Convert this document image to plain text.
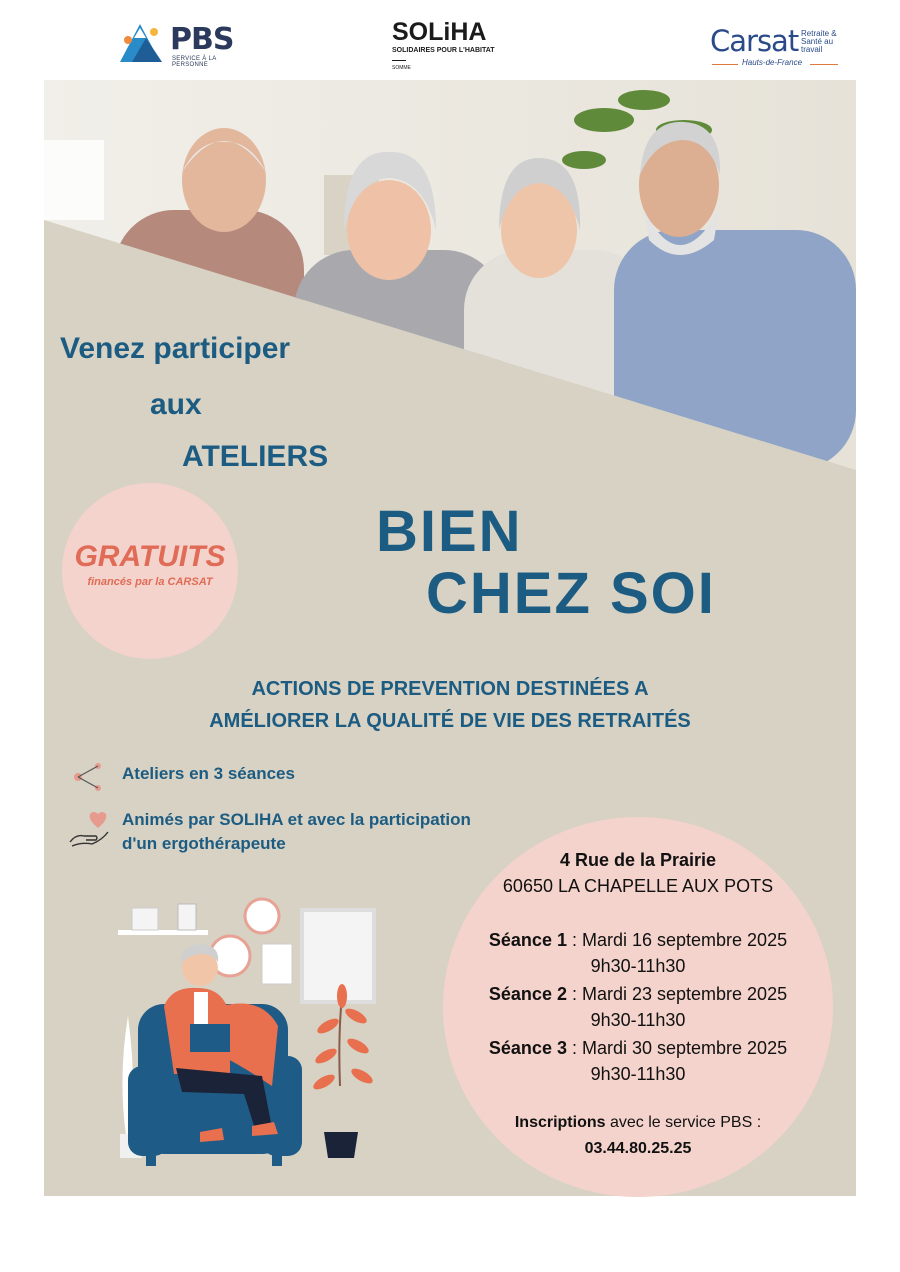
PBS
SERVICE À LA PERSONNE
SOLiHA
SOLIDAIRES POUR L'HABITAT
SOMME
Carsat Retraite & Santé au travail
Hauts-de-France
Venez participer
aux
ATELIERS
BIEN
CHEZ SOI
GRATUITS
financés par la CARSAT
ACTIONS DE PREVENTION DESTINÉES A
AMÉLIORER LA QUALITÉ DE VIE DES RETRAITÉS
Ateliers en 3 séances
Animés par SOLIHA et avec la participation
d'un ergothérapeute
4 Rue de la Prairie
60650 LA CHAPELLE AUX POTS
Séance 1 : Mardi 16 septembre 2025
9h30-11h30
Séance 2 : Mardi 23 septembre 2025
9h30-11h30
Séance 3 : Mardi 30 septembre 2025
9h30-11h30
Inscriptions avec le service PBS :
03.44.80.25.25
